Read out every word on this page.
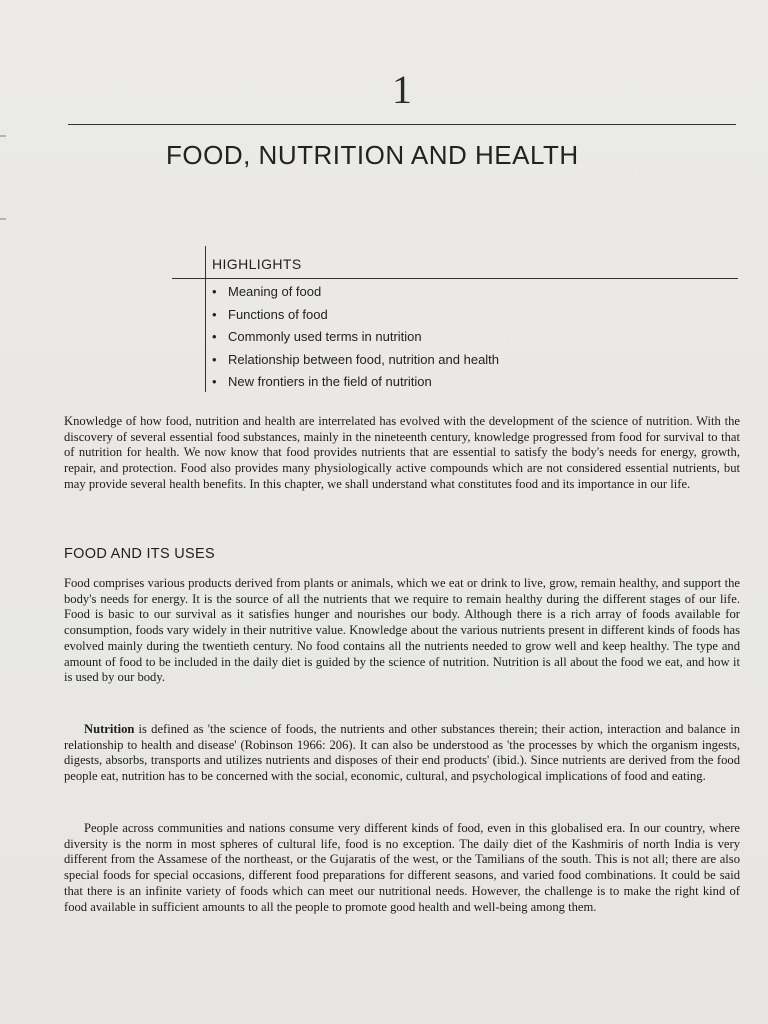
1
FOOD, NUTRITION AND HEALTH
HIGHLIGHTS
• Meaning of food
• Functions of food
• Commonly used terms in nutrition
• Relationship between food, nutrition and health
• New frontiers in the field of nutrition

Knowledge of how food, nutrition and health are interrelated has evolved with the development of the science of nutrition. With the discovery of several essential food substances, mainly in the nineteenth century, knowledge progressed from food for survival to that of nutrition for health. We now know that food provides nutrients that are essential to satisfy the body's needs for energy, growth, repair, and protection. Food also provides many physiologically active compounds which are not considered essential nutrients, but may provide several health benefits. In this chapter, we shall understand what constitutes food and its importance in our life.

FOOD AND ITS USES

Food comprises various products derived from plants or animals, which we eat or drink to live, grow, remain healthy, and support the body's needs for energy. It is the source of all the nutrients that we require to remain healthy during the different stages of our life. Food is basic to our survival as it satisfies hunger and nourishes our body. Although there is a rich array of foods available for consumption, foods vary widely in their nutritive value. Knowledge about the various nutrients present in different kinds of foods has evolved mainly during the twentieth century. No food contains all the nutrients needed to grow well and keep healthy. The type and amount of food to be included in the daily diet is guided by the science of nutrition. Nutrition is all about the food we eat, and how it is used by our body.

Nutrition is defined as 'the science of foods, the nutrients and other substances therein; their action, interaction and balance in relationship to health and disease' (Robinson 1966: 206). It can also be understood as 'the processes by which the organism ingests, digests, absorbs, transports and utilizes nutrients and disposes of their end products' (ibid.). Since nutrients are derived from the food people eat, nutrition has to be concerned with the social, economic, cultural, and psychological implications of food and eating.

People across communities and nations consume very different kinds of food, even in this globalised era. In our country, where diversity is the norm in most spheres of cultural life, food is no exception. The daily diet of the Kashmiris of north India is very different from the Assamese of the northeast, or the Gujaratis of the west, or the Tamilians of the south. This is not all; there are also special foods for special occasions, different food preparations for different seasons, and varied food combinations. It could be said that there is an infinite variety of foods which can meet our nutritional needs. However, the challenge is to make the right kind of food available in sufficient amounts to all the people to promote good health and well-being among them.
